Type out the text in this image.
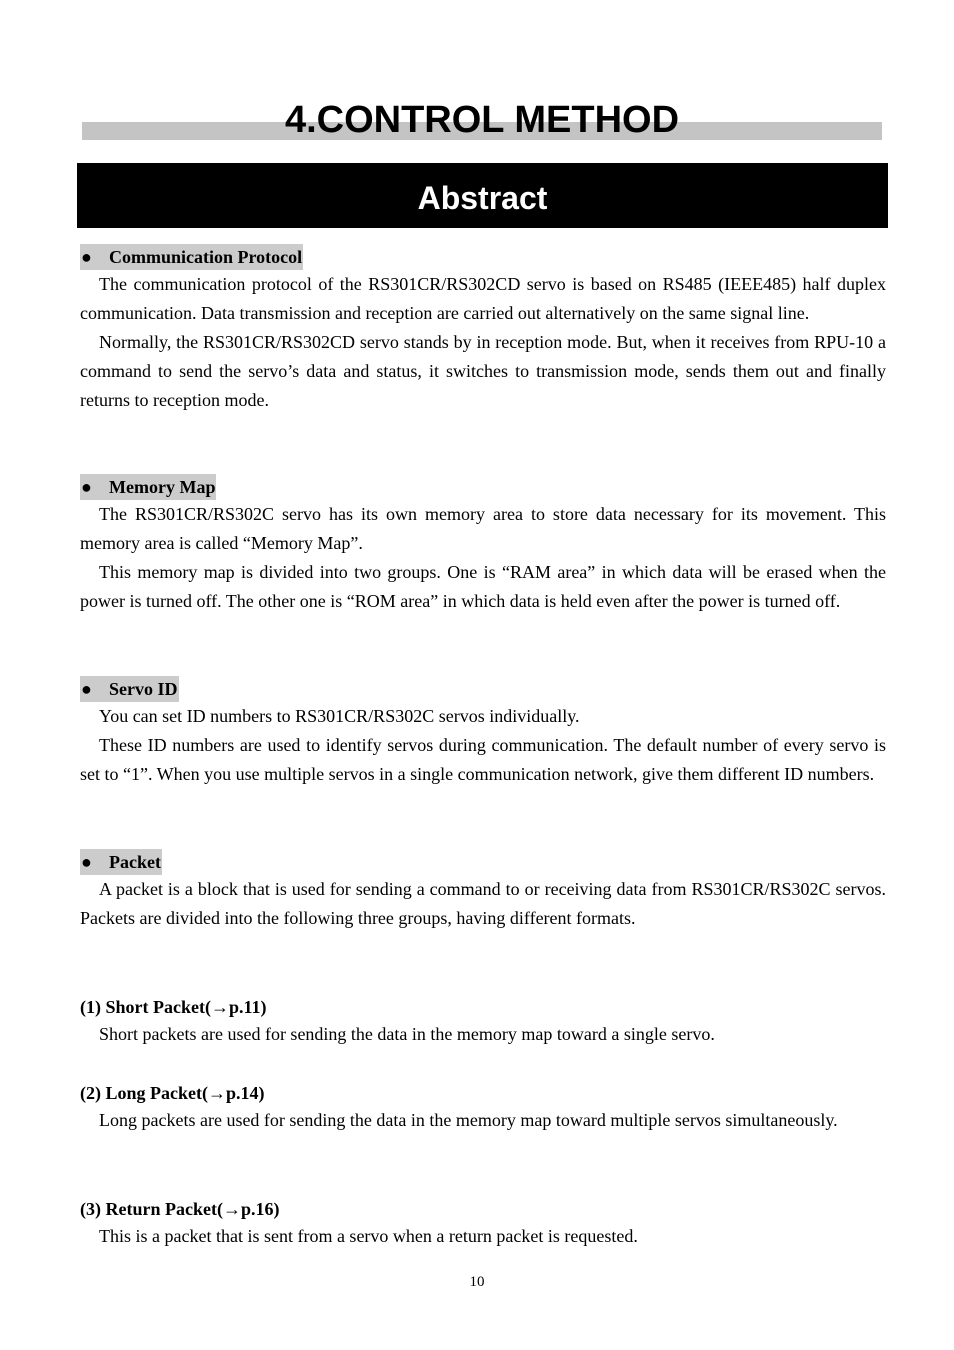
4.CONTROL METHOD
Abstract

● Communication Protocol

The communication protocol of the RS301CR/RS302CD servo is based on RS485 (IEEE485) half duplex communication. Data transmission and reception are carried out alternatively on the same signal line.

Normally, the RS301CR/RS302CD servo stands by in reception mode. But, when it receives from RPU-10 a command to send the servo’s data and status, it switches to transmission mode, sends them out and finally returns to reception mode.

● Memory Map

The RS301CR/RS302C servo has its own memory area to store data necessary for its movement. This memory area is called “Memory Map”.

This memory map is divided into two groups. One is “RAM area” in which data will be erased when the power is turned off. The other one is “ROM area” in which data is held even after the power is turned off.

● Servo ID

You can set ID numbers to RS301CR/RS302C servos individually.

These ID numbers are used to identify servos during communication. The default number of every servo is set to “1”. When you use multiple servos in a single communication network, give them different ID numbers.

● Packet

A packet is a block that is used for sending a command to or receiving data from RS301CR/RS302C servos. Packets are divided into the following three groups, having different formats.

(1) Short Packet(→p.11)

Short packets are used for sending the data in the memory map toward a single servo.

(2) Long Packet(→p.14)

Long packets are used for sending the data in the memory map toward multiple servos simultaneously.

(3) Return Packet(→p.16)

This is a packet that is sent from a servo when a return packet is requested.

10
